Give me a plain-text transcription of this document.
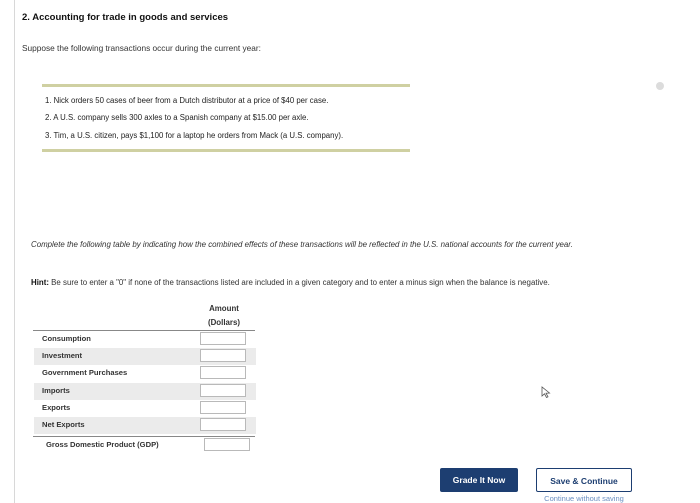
2. Accounting for trade in goods and services
Suppose the following transactions occur during the current year:
1. Nick orders 50 cases of beer from a Dutch distributor at a price of $40 per case.
2. A U.S. company sells 300 axles to a Spanish company at $15.00 per axle.
3. Tim, a U.S. citizen, pays $1,100 for a laptop he orders from Mack (a U.S. company).
Complete the following table by indicating how the combined effects of these transactions will be reflected in the U.S. national accounts for the current year.
Hint: Be sure to enter a "0" if none of the transactions listed are included in a given category and to enter a minus sign when the balance is negative.
Amount
(Dollars)
Consumption
Investment
Government Purchases
Imports
Exports
Net Exports
Gross Domestic Product (GDP)
Grade It Now	Save & Continue
Continue without saving
